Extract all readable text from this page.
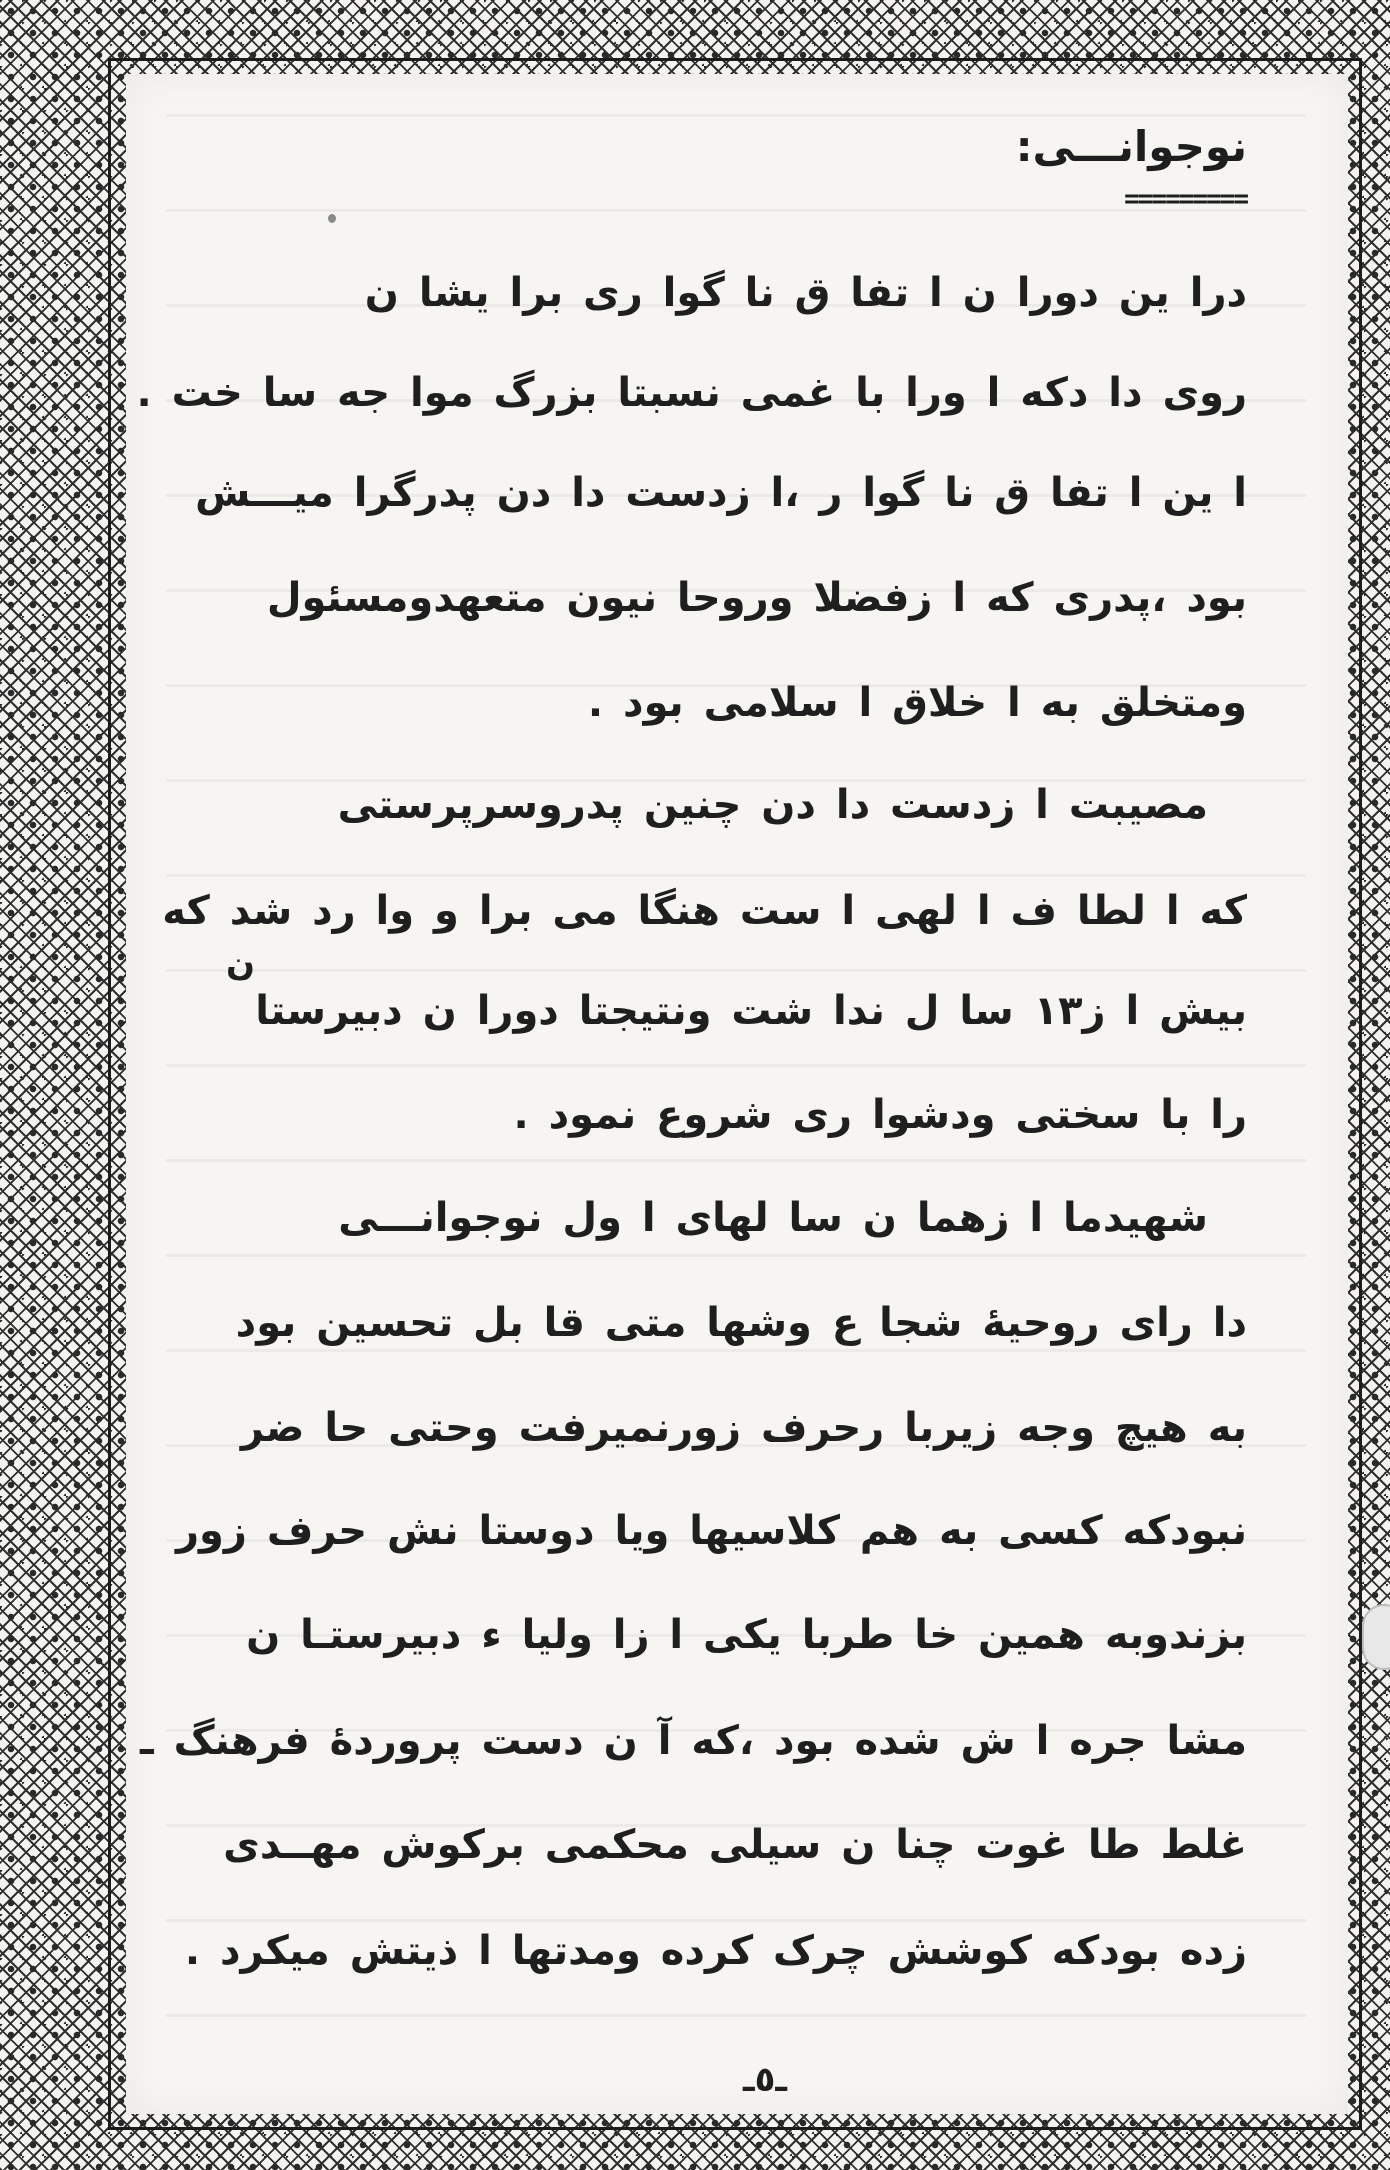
نوجوانـــی:
=========
درا ین دورا ن ا تفا ق نا گوا ری برا یشا ن
روی دا دکه ا ورا با غمی نسبتا بزرگ موا جه سا خت .
ا ین ا تفا ق نا گوا ر ،ا زدست دا دن پدرگرا میـــش
بود ،پدری که ا زفضلا وروحا نیون متعهدومسئول
ومتخلق به ا خلاق ا سلامی بود .
مصیبت ا زدست دا دن چنین پدروسرپرستی
که ا لطا ف ا لهی ا ست هنگا می برا و وا رد شد که
ن
بیش ا ز۱۳ سا ل ندا شت ونتیجتا دورا ن دبیرستا
را با سختی ودشوا ری شروع نمود .
شهیدما ا زهما ن سا لهای ا ول نوجوانـــی
دا رای روحیهٔ شجا ع وشها متی قا بل تحسین بود
به هیچ وجه زیربا رحرف زورنمیرفت وحتی حا ضر
نبودکه کسی به هم کلاسیها ویا دوستا نش حرف زور
بزندوبه همین خا طربا یکی ا زا ولیا ء دبیرستـا ن
مشا جره ا ش شده بود ،که آ ن دست پروردهٔ فرهنگ ـ
غلط طا غوت چنا ن سیلی محکمی برکوش مهــدی
زده بودکه کوشش چرک کرده ومدتها ا ذیتش میکرد .
ـ٥ـ
